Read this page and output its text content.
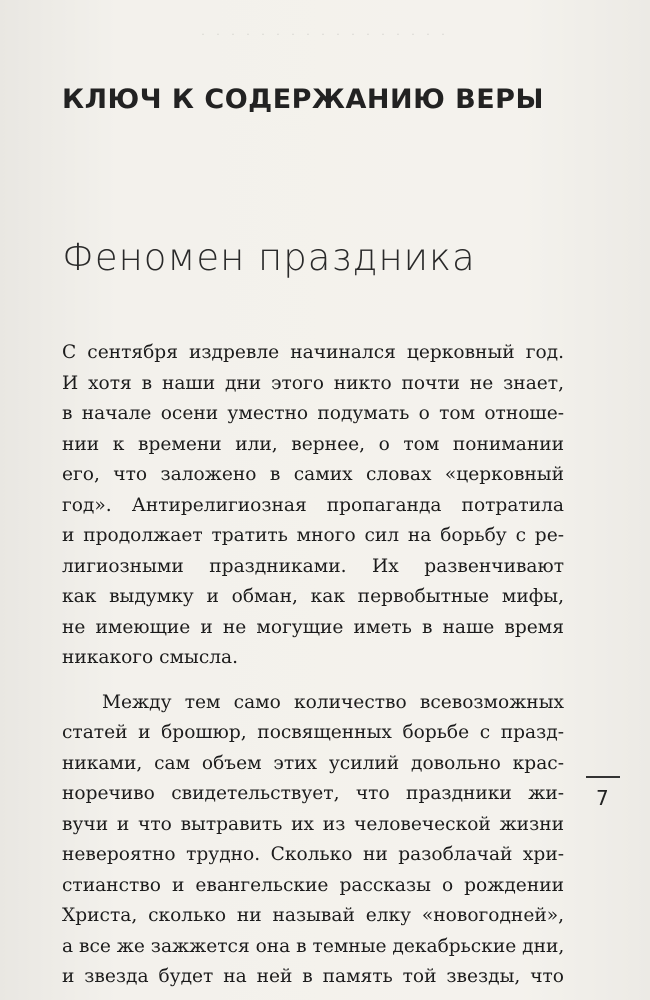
· · · · · · · · · · · · · · · · ·
КЛЮЧ К СОДЕРЖАНИЮ ВЕРЫ
Феномен праздника
С сентября издревле начинался церковный год.
И хотя в наши дни этого никто почти не знает,
в начале осени уместно подумать о том отноше-
нии к времени или, вернее, о том понимании
его, что заложено в самих словах «церковный
год». Антирелигиозная пропаганда потратила
и продолжает тратить много сил на борьбу с ре-
лигиозными праздниками. Их развенчивают
как выдумку и обман, как первобытные мифы,
не имеющие и не могущие иметь в наше время
никакого смысла.
Между тем само количество всевозможных
статей и брошюр, посвященных борьбе с празд-
никами, сам объем этих усилий довольно крас-
норечиво свидетельствует, что праздники жи-
вучи и что вытравить их из человеческой жизни
невероятно трудно. Сколько ни разоблачай хри-
стианство и евангельские рассказы о рождении
Христа, сколько ни называй елку «новогодней»,
а все же зажжется она в темные декабрьские дни,
и звезда будет на ней в память той звезды, что
7
